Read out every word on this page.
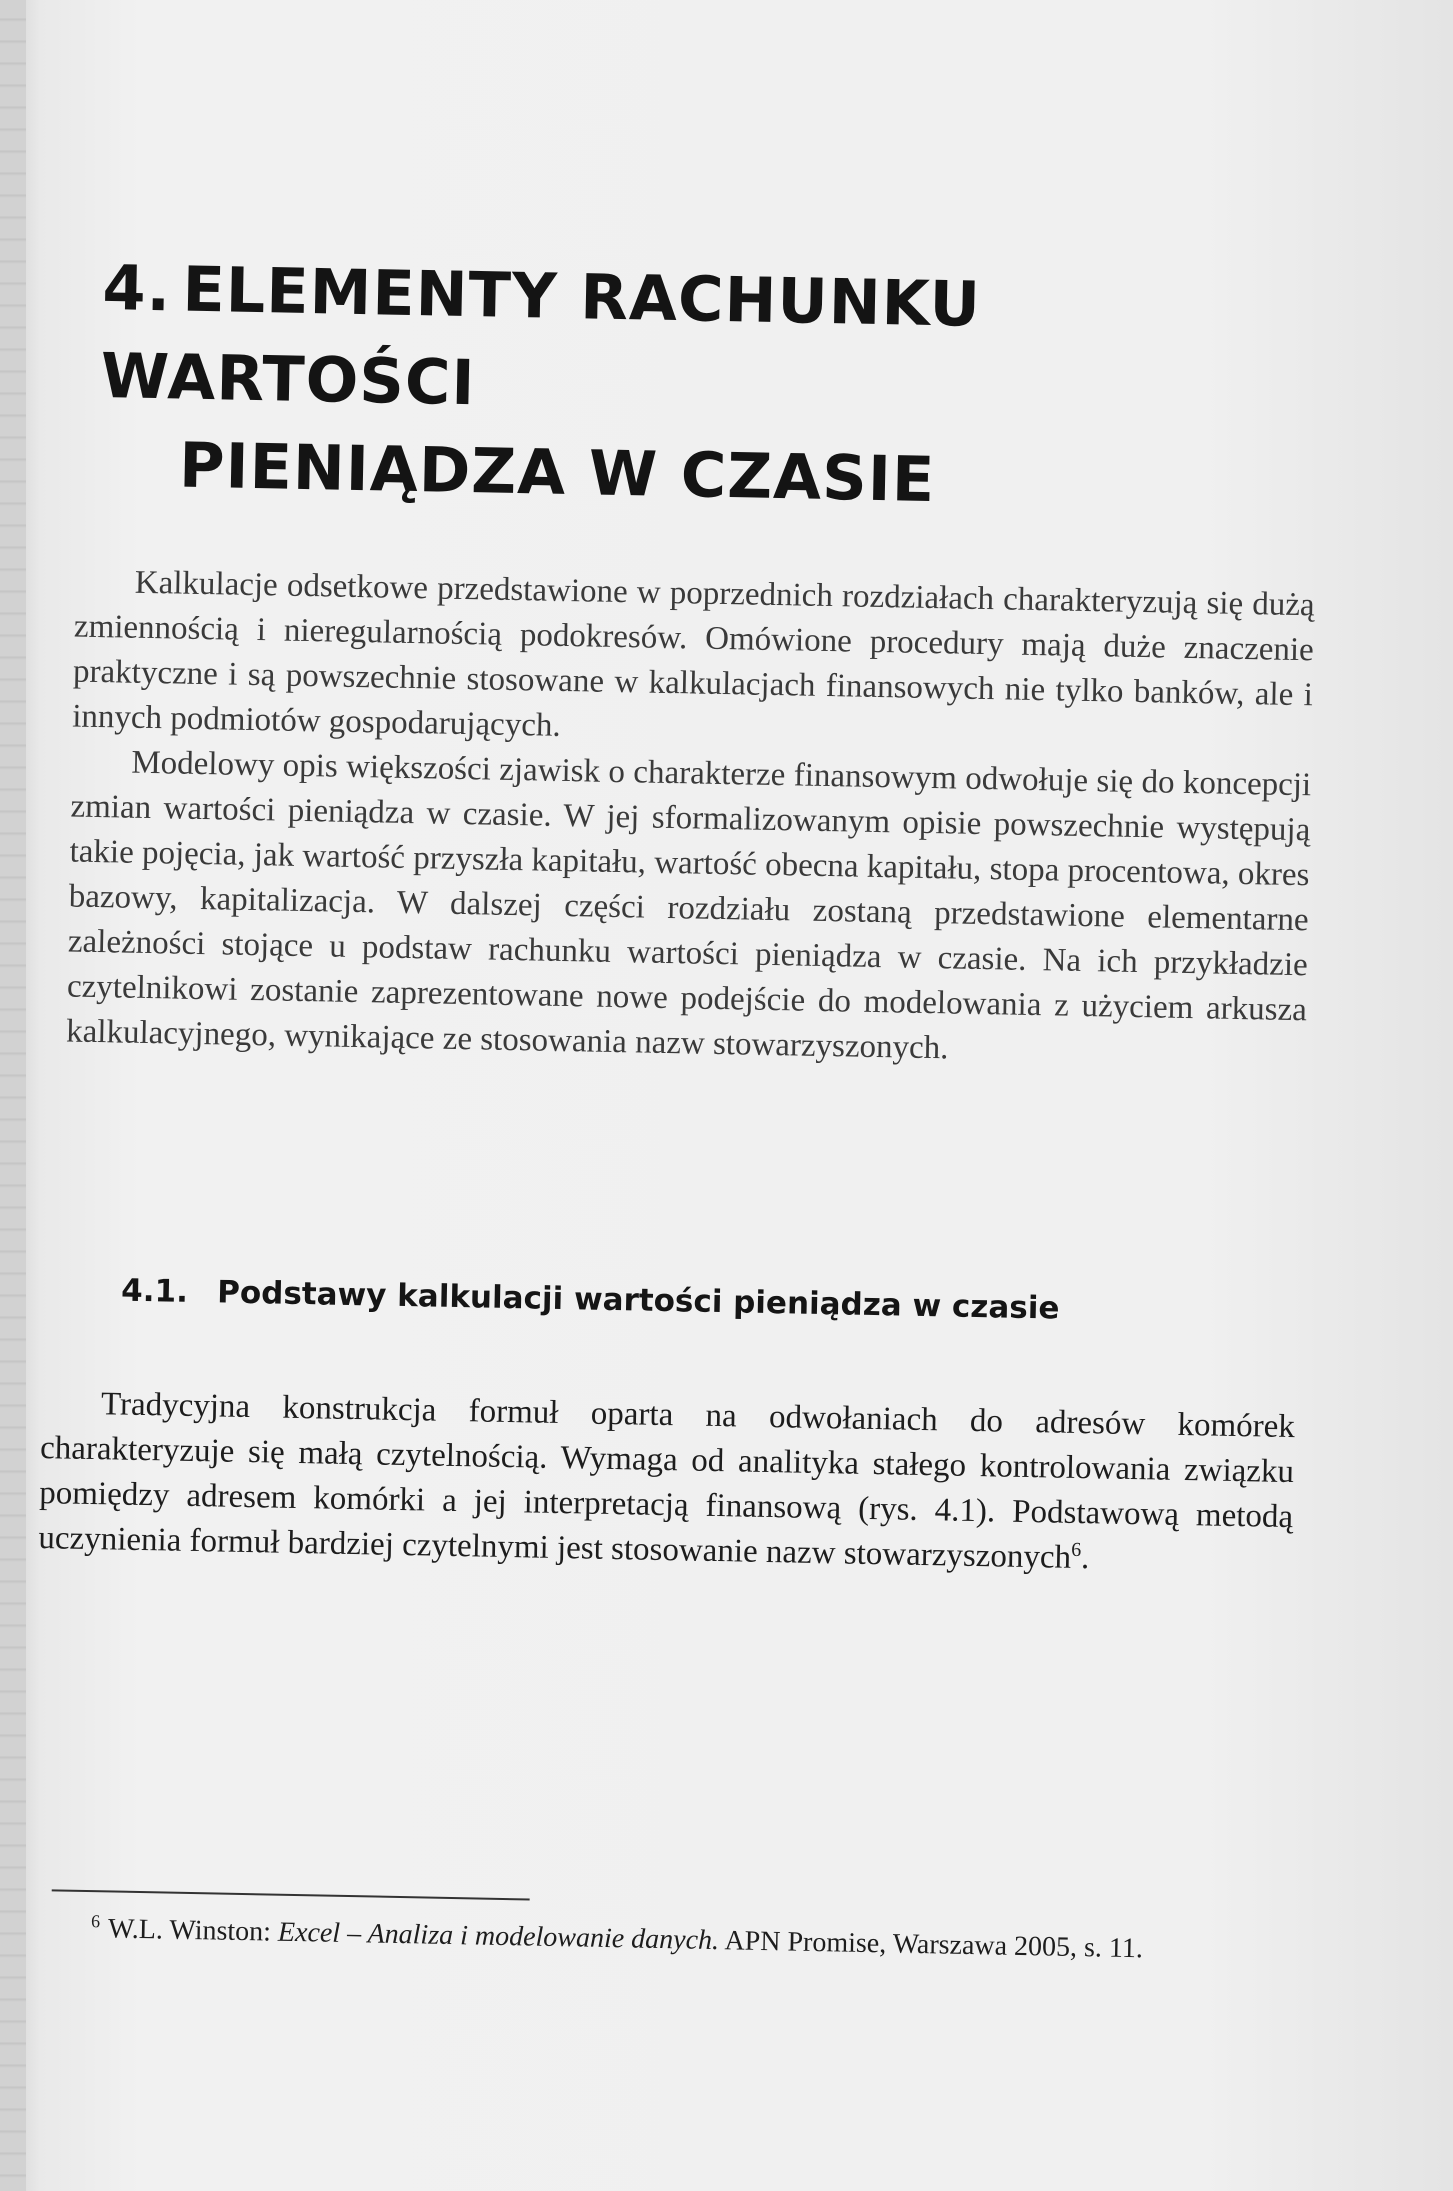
4. ELEMENTY RACHUNKU WARTOŚCI
PIENIĄDZA W CZASIE

Kalkulacje odsetkowe przedstawione w poprzednich rozdziałach charakteryzują się dużą zmiennością i nieregularnością podokresów. Omówione procedury mają duże znaczenie praktyczne i są powszechnie stosowane w kalkulacjach finansowych nie tylko banków, ale i innych podmiotów gospodarujących.

Modelowy opis większości zjawisk o charakterze finansowym odwołuje się do koncepcji zmian wartości pieniądza w czasie. W jej sformalizowanym opisie powszechnie występują takie pojęcia, jak wartość przyszła kapitału, wartość obecna kapitału, stopa procentowa, okres bazowy, kapitalizacja. W dalszej części rozdziału zostaną przedstawione elementarne zależności stojące u podstaw rachunku wartości pieniądza w czasie. Na ich przykładzie czytelnikowi zostanie zaprezentowane nowe podejście do modelowania z użyciem arkusza kalkulacyjnego, wynikające ze stosowania nazw stowarzyszonych.

4.1. Podstawy kalkulacji wartości pieniądza w czasie

Tradycyjna konstrukcja formuł oparta na odwołaniach do adresów komórek charakteryzuje się małą czytelnością. Wymaga od analityka stałego kontrolowania związku pomiędzy adresem komórki a jej interpretacją finansową (rys. 4.1). Podstawową metodą uczynienia formuł bardziej czytelnymi jest stosowanie nazw stowarzyszonych$^6$.

$^6$ W.L. Winston: Excel – Analiza i modelowanie danych. APN Promise, Warszawa 2005, s. 11.
